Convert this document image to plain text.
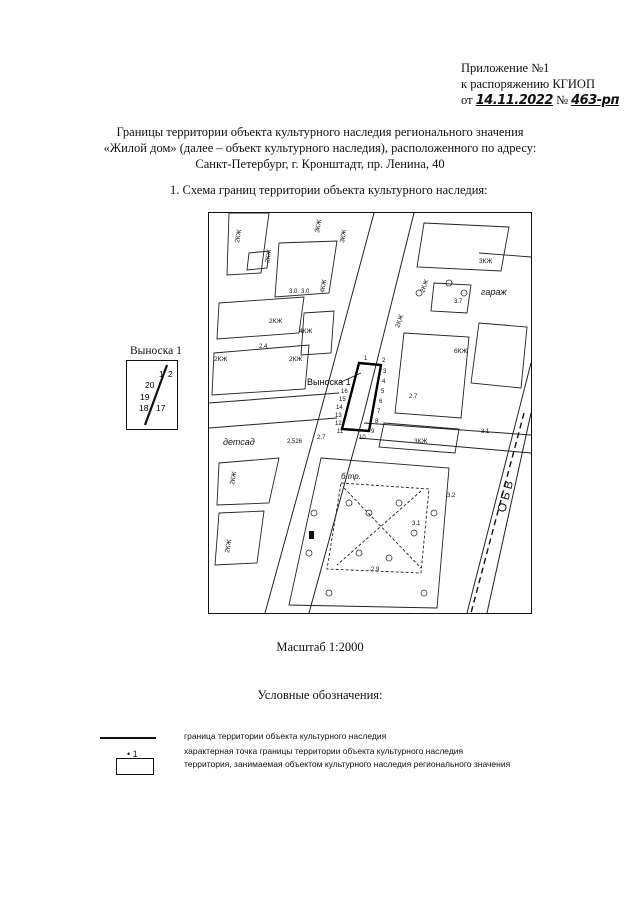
Приложение №1
к распоряжению КГИОП
от 14.11.2022 № 463-рп
Границы территории объекта культурного наследия регионального значения
«Жилой дом» (далее – объект культурного наследия), расположенного по адресу:
Санкт-Петербург, г. Кронштадт, пр. Ленина, 40
1. Схема границ территории объекта культурного наследия:
Выноска 1
1 2
20
19
18 17
Выноска 1
2КЖ
3КЖ
3КЖ
2КЖ
4КЖ
2КЖ	2КЖ
4КЖ
3КЖ
2КЖ
6КЖ
2КЖ
3КЖ
2КЖ
2КЖ
2КЖ
3.0
2.4
2.7
2.7
3.1
3.7
3.0
2.9
3.1
3.2
2.526
1 2
3
4
5
6
7
8
9
10
11
12
13
14
15
16
гараж
детсад
б.тр.
О Б В
Масштаб 1:2000
Условные обозначения:
граница территории объекта культурного наследия
• 1	характерная точка границы территории объекта культурного наследия
территория, занимаемая объектом культурного наследия регионального значения
